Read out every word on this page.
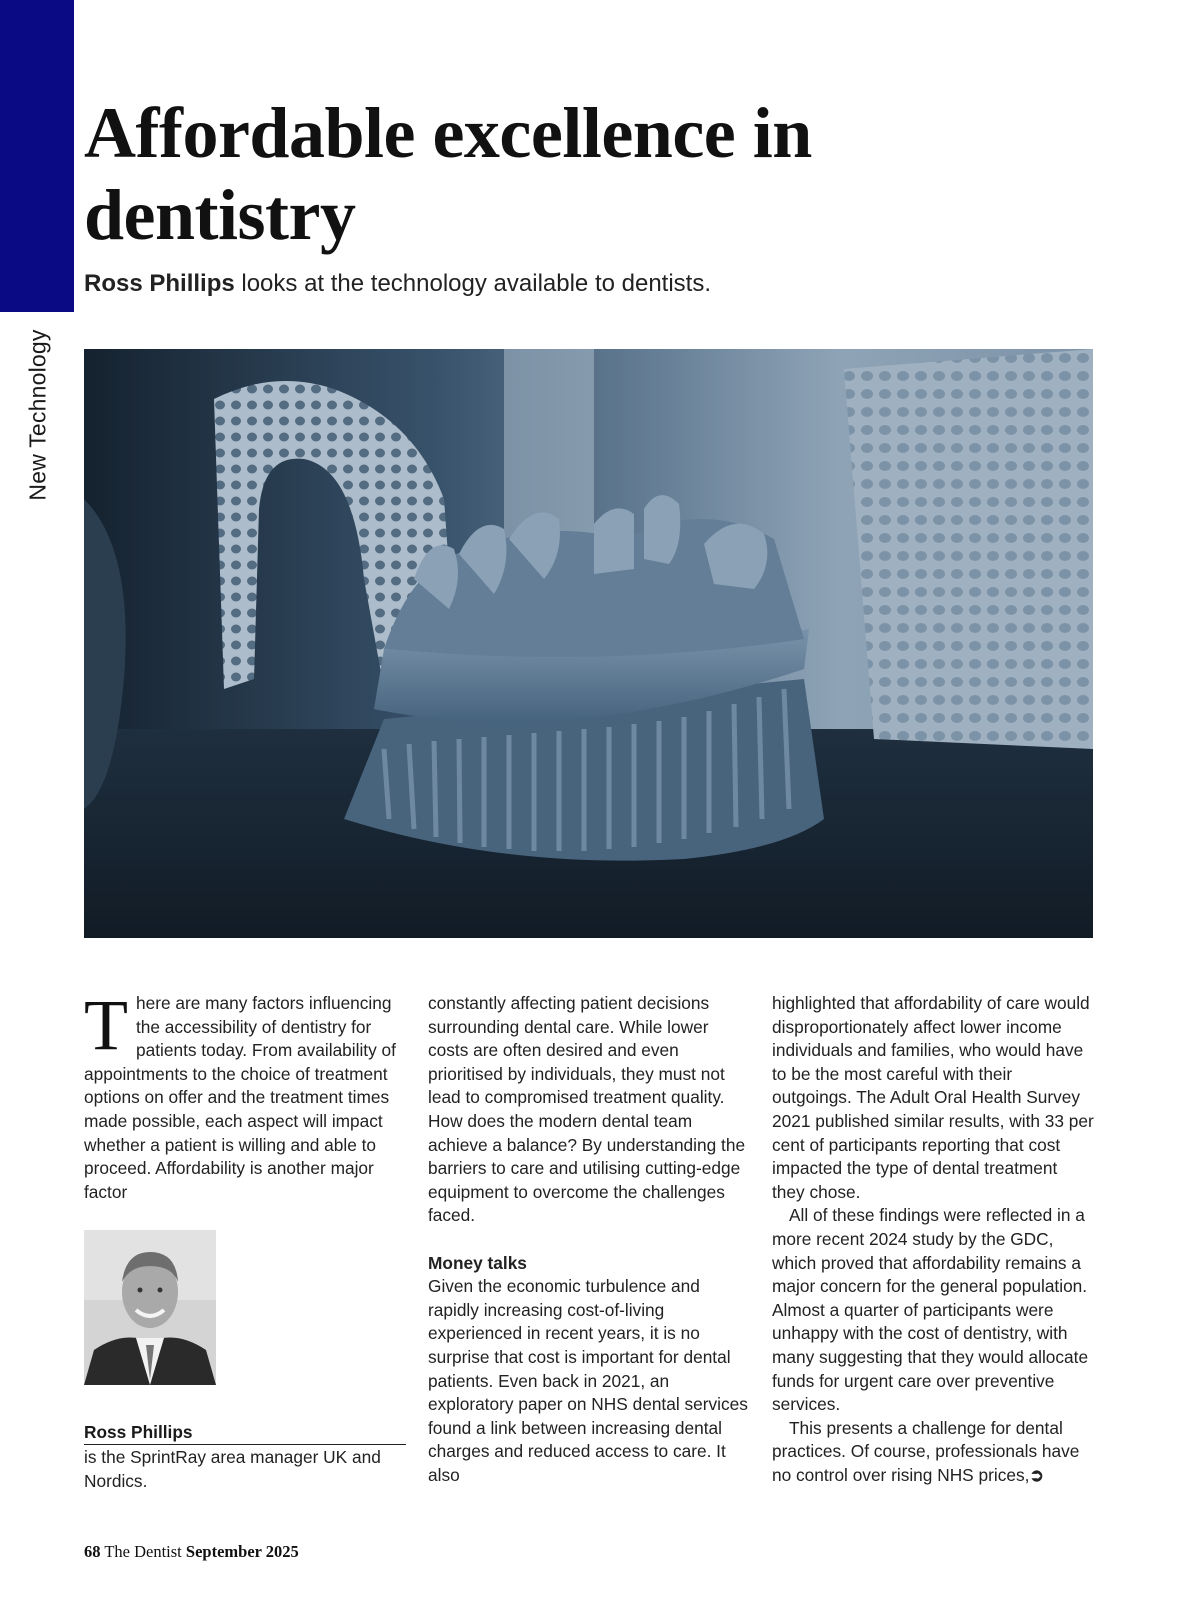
New Technology
Affordable excellence in dentistry
Ross Phillips looks at the technology available to dentists.
T here are many factors influencing the accessibility of dentistry for patients today. From availability of appointments to the choice of treatment options on offer and the treatment times made possible, each aspect will impact whether a patient is willing and able to proceed. Affordability is another major factor

constantly affecting patient decisions surrounding dental care. While lower costs are often desired and even prioritised by individuals, they must not lead to compromised treatment quality. How does the modern dental team achieve a balance? By understanding the barriers to care and utilising cutting-edge equipment to overcome the challenges faced.

Money talks

Given the economic turbulence and rapidly increasing cost-of-living experienced in recent years, it is no surprise that cost is important for dental patients. Even back in 2021, an exploratory paper on NHS dental services found a link between increasing dental charges and reduced access to care. It also

highlighted that affordability of care would disproportionately affect lower income individuals and families, who would have to be the most careful with their outgoings. The Adult Oral Health Survey 2021 published similar results, with 33 per cent of participants reporting that cost impacted the type of dental treatment they chose.

All of these findings were reflected in a more recent 2024 study by the GDC, which proved that affordability remains a major concern for the general population. Almost a quarter of participants were unhappy with the cost of dentistry, with many suggesting that they would allocate funds for urgent care over preventive services.

This presents a challenge for dental practices. Of course, professionals have no control over rising NHS prices,➲

Ross Phillips
is the SprintRay area manager UK and Nordics.
68 The Dentist September 2025
